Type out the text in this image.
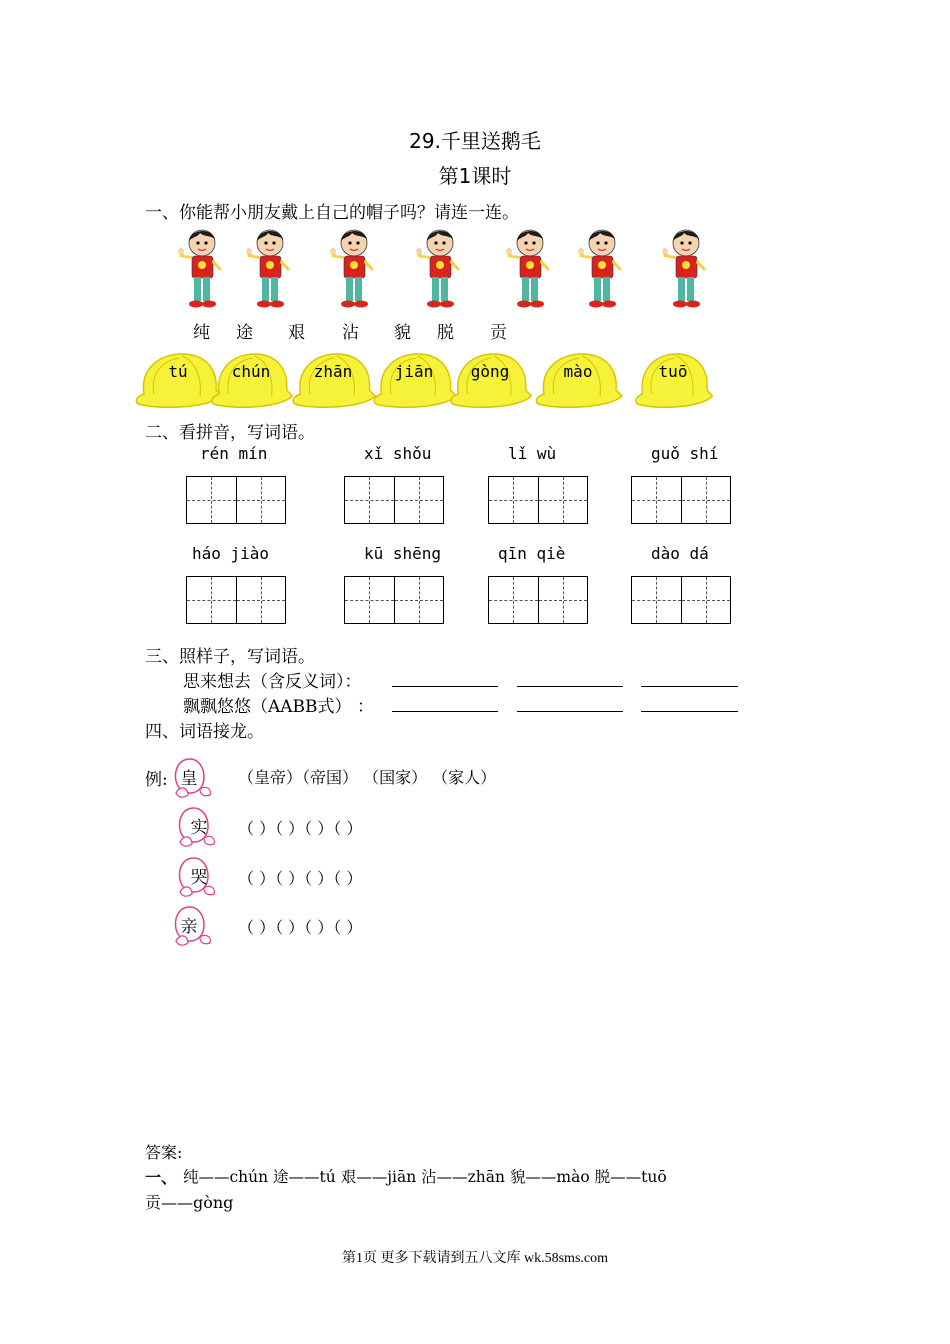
29.千里送鹅毛
第1课时
一、你能帮小朋友戴上自己的帽子吗？请连一连。
纯 途 艰 沾 貌 脱 贡
tú	chún	zhān	jiān	gòng	mào	tuō
二、看拼音，写词语。
rén mín	xǐ shǒu	lǐ wù	guǒ shí
háo jiào	kū shēng	qīn qiè	dào dá
三、照样子，写词语。
思来想去（含反义词）：
飘飘悠悠（AABB式） ：
四、词语接龙。
例: 皇	（皇帝）（帝国） （国家） （家人）
实	（ ）（ ）（ ）（ ）
哭	（ ）（ ）（ ）（ ）
亲	（ ）（ ）（ ）（ ）
答案:
一、 纯——chún 途——tú 艰——jiān 沾——zhān 貌——mào 脱——tuō
贡——gòng
第1页 更多下载请到五八文库 wk.58sms.com
